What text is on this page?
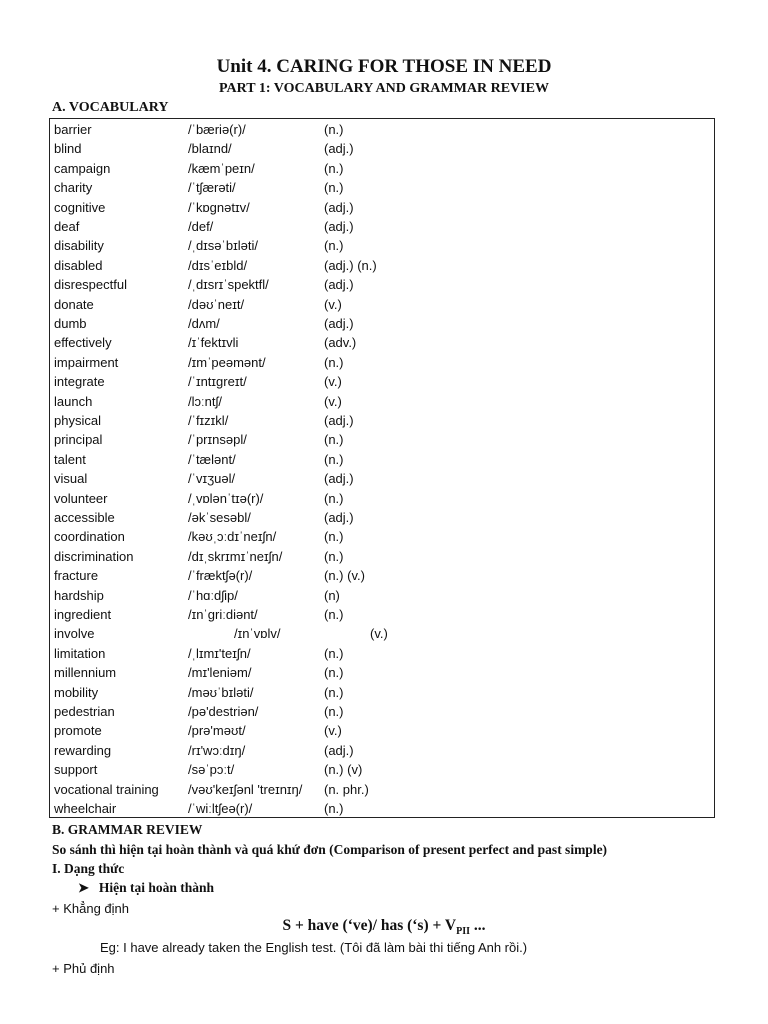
Unit 4. CARING FOR THOSE IN NEED
PART 1: VOCABULARY AND GRAMMAR REVIEW
A. VOCABULARY
barrier	/ˈbæriə(r)/	(n.)
blind	/blaɪnd/	(adj.)
campaign	/kæmˈpeɪn/	(n.)
charity	/ˈtʃærəti/	(n.)
cognitive	/ˈkɒɡnətɪv/	(adj.)
deaf	/def/	(adj.)
disability	/ˌdɪsəˈbɪləti/	(n.)
disabled	/dɪsˈeɪbld/	(adj.) (n.)
disrespectful	/ˌdɪsrɪˈspektfl/	(adj.)
donate	/dəʊˈneɪt/	(v.)
dumb	/dʌm/	(adj.)
effectively	/ɪˈfektɪvli	(adv.)
impairment	/ɪmˈpeəmənt/	(n.)
integrate	/ˈɪntɪɡreɪt/	(v.)
launch	/lɔːntʃ/	(v.)
physical	/ˈfɪzɪkl/	(adj.)
principal	/ˈprɪnsəpl/	(n.)
talent	/ˈtælənt/	(n.)
visual	/ˈvɪʒuəl/	(adj.)
volunteer	/ˌvɒlənˈtɪə(r)/	(n.)
accessible	/əkˈsesəbl/	(adj.)
coordination	/kəʊˌɔːdɪˈneɪʃn/	(n.)
discrimination	/dɪˌskrɪmɪˈneɪʃn/	(n.)
fracture	/ˈfræktʃə(r)/	(n.) (v.)
hardship	/ˈhɑːdʃip/	(n)
ingredient	/ɪnˈɡriːdiənt/	(n.)
involve	/ɪnˈvɒlv/	(v.)
limitation	/ˌlɪmɪ'teɪʃn/	(n.)
millennium	/mɪ'leniəm/	(n.)
mobility	/məʊˈbɪləti/	(n.)
pedestrian	/pə'destriən/	(n.)
promote	/prə'məʊt/	(v.)
rewarding	/rɪ'wɔːdɪŋ/	(adj.)
support	/səˈpɔːt/	(n.) (v)
vocational training /vəʊ'keɪʃənl 'treɪnɪŋ/ (n. phr.)
wheelchair	/ˈwiːltʃeə(r)/	(n.)
B. GRAMMAR REVIEW
So sánh thì hiện tại hoàn thành và quá khứ đơn (Comparison of present perfect and past simple)
I. Dạng thức
➤ Hiện tại hoàn thành
+ Khẳng định
S + have (‘ve)/ has (‘s) + $V_{PII}$ ...
Eg: I have already taken the English test. (Tôi đã làm bài thi tiếng Anh rồi.)
+ Phủ định
